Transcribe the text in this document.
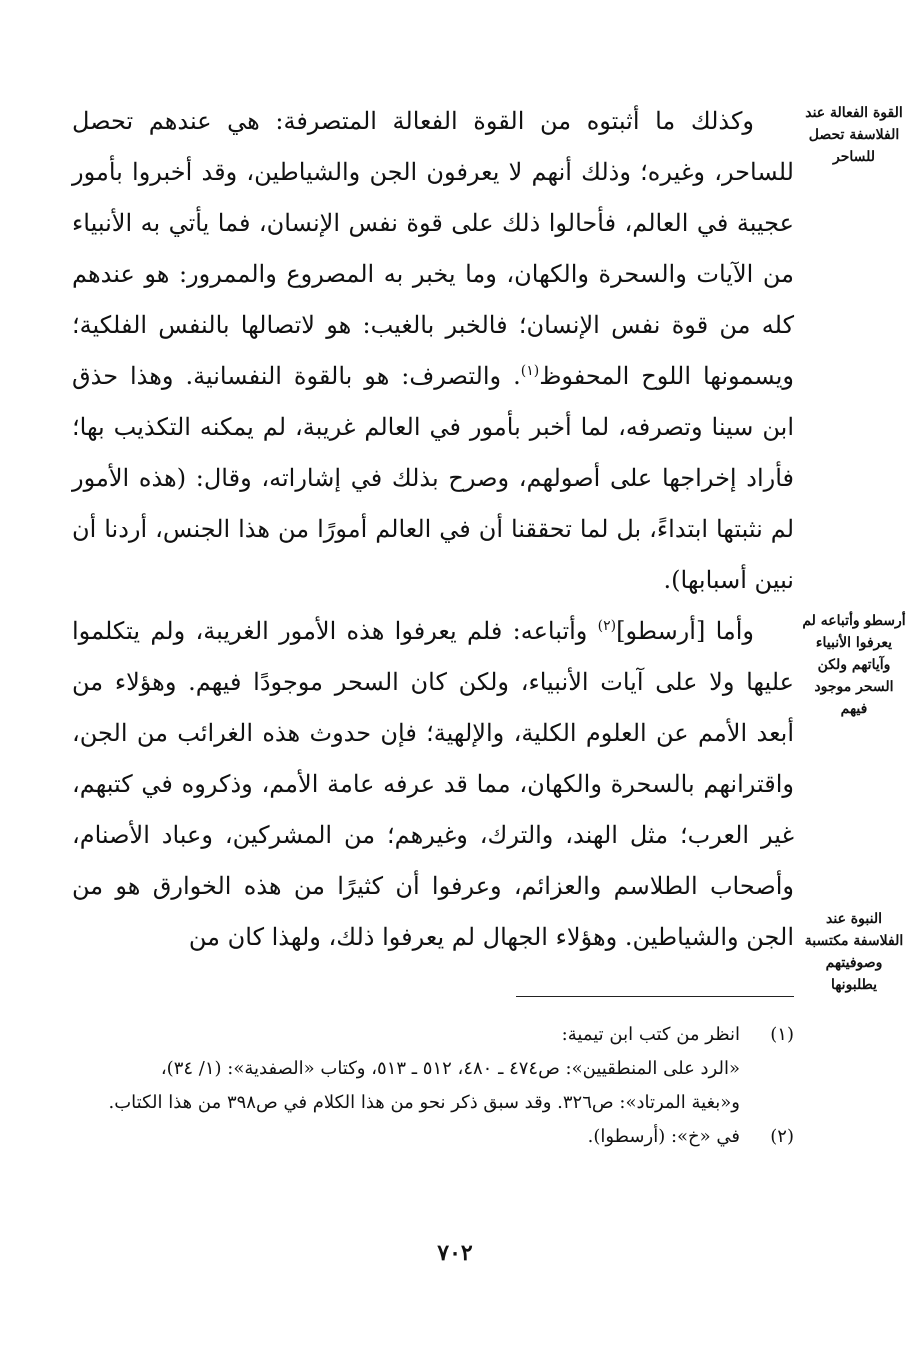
القوة الفعالة عند الفلاسفة تحصل للساحر
أرسطو وأتباعه لم يعرفوا الأنبياء وآياتهم ولكن السحر موجود فيهم
النبوة عند الفلاسفة مكتسبة وصوفيتهم يطلبونها

وكذلك ما أثبتوه من القوة الفعالة المتصرفة: هي عندهم تحصل للساحر، وغيره؛ وذلك أنهم لا يعرفون الجن والشياطين، وقد أخبروا بأمور عجيبة في العالم، فأحالوا ذلك على قوة نفس الإنسان، فما يأتي به الأنبياء من الآيات والسحرة والكهان، وما يخبر به المصروع والممرور: هو عندهم كله من قوة نفس الإنسان؛ فالخبر بالغيب: هو لاتصالها بالنفس الفلكية؛ ويسمونها اللوح المحفوظ$^{(١)}$. والتصرف: هو بالقوة النفسانية. وهذا حذق ابن سينا وتصرفه، لما أخبر بأمور في العالم غريبة، لم يمكنه التكذيب بها؛ فأراد إخراجها على أصولهم، وصرح بذلك في إشاراته، وقال: (هذه الأمور لم نثبتها ابتداءً، بل لما تحققنا أن في العالم أمورًا من هذا الجنس، أردنا أن نبين أسبابها).

وأما [أرسطو]$^{(٢)}$ وأتباعه: فلم يعرفوا هذه الأمور الغريبة، ولم يتكلموا عليها ولا على آيات الأنبياء، ولكن كان السحر موجودًا فيهم. وهؤلاء من أبعد الأمم عن العلوم الكلية، والإلهية؛ فإن حدوث هذه الغرائب من الجن، واقترانهم بالسحرة والكهان، مما قد عرفه عامة الأمم، وذكروه في كتبهم، غير العرب؛ مثل الهند، والترك، وغيرهم؛ من المشركين، وعباد الأصنام، وأصحاب الطلاسم والعزائم، وعرفوا أن كثيرًا من هذه الخوارق هو من الجن والشياطين. وهؤلاء الجهال لم يعرفوا ذلك، ولهذا كان من

(١)
انظر من كتب ابن تيمية:
«الرد على المنطقيين»: ص٤٧٤ ـ ٤٨٠، ٥١٢ ـ ٥١٣، وكتاب «الصفدية»: (١/ ٣٤)،
و«بغية المرتاد»: ص٣٢٦. وقد سبق ذكر نحو من هذا الكلام في ص٣٩٨ من هذا الكتاب.
(٢)
في «خ»: (أرسطوا).
٧٠٢
